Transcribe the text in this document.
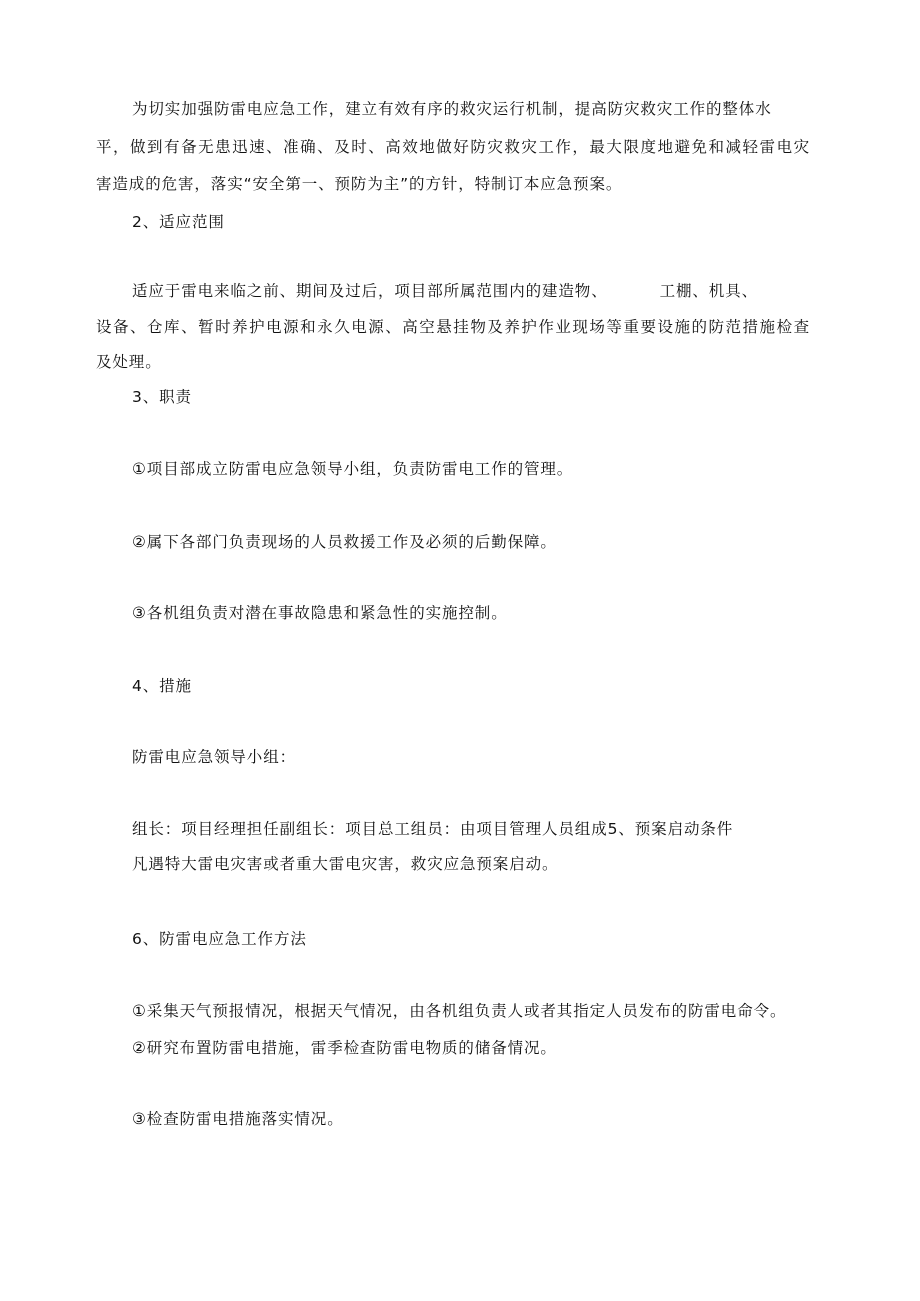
为切实加强防雷电应急工作，建立有效有序的救灾运行机制，提高防灾救灾工作的整体水
平，做到有备无患迅速、准确、及时、高效地做好防灾救灾工作，最大限度地避免和减轻雷电灾
害造成的危害，落实“安全第一、预防为主”的方针，特制订本应急预案。
2、适应范围
适应于雷电来临之前、期间及过后，项目部所属范围内的建造物、	工棚、机具、
设备、仓库、暂时养护电源和永久电源、高空悬挂物及养护作业现场等重要设施的防范措施检查
及处理。
3、职责
①项目部成立防雷电应急领导小组，负责防雷电工作的管理。
②属下各部门负责现场的人员救援工作及必须的后勤保障。
③各机组负责对潜在事故隐患和紧急性的实施控制。
4、措施
防雷电应急领导小组：
组长：项目经理担任副组长：项目总工组员：由项目管理人员组成5、预案启动条件
凡遇特大雷电灾害或者重大雷电灾害，救灾应急预案启动。
6、防雷电应急工作方法
①采集天气预报情况，根据天气情况，由各机组负责人或者其指定人员发布的防雷电命令。
②研究布置防雷电措施，雷季检查防雷电物质的储备情况。
③检查防雷电措施落实情况。
